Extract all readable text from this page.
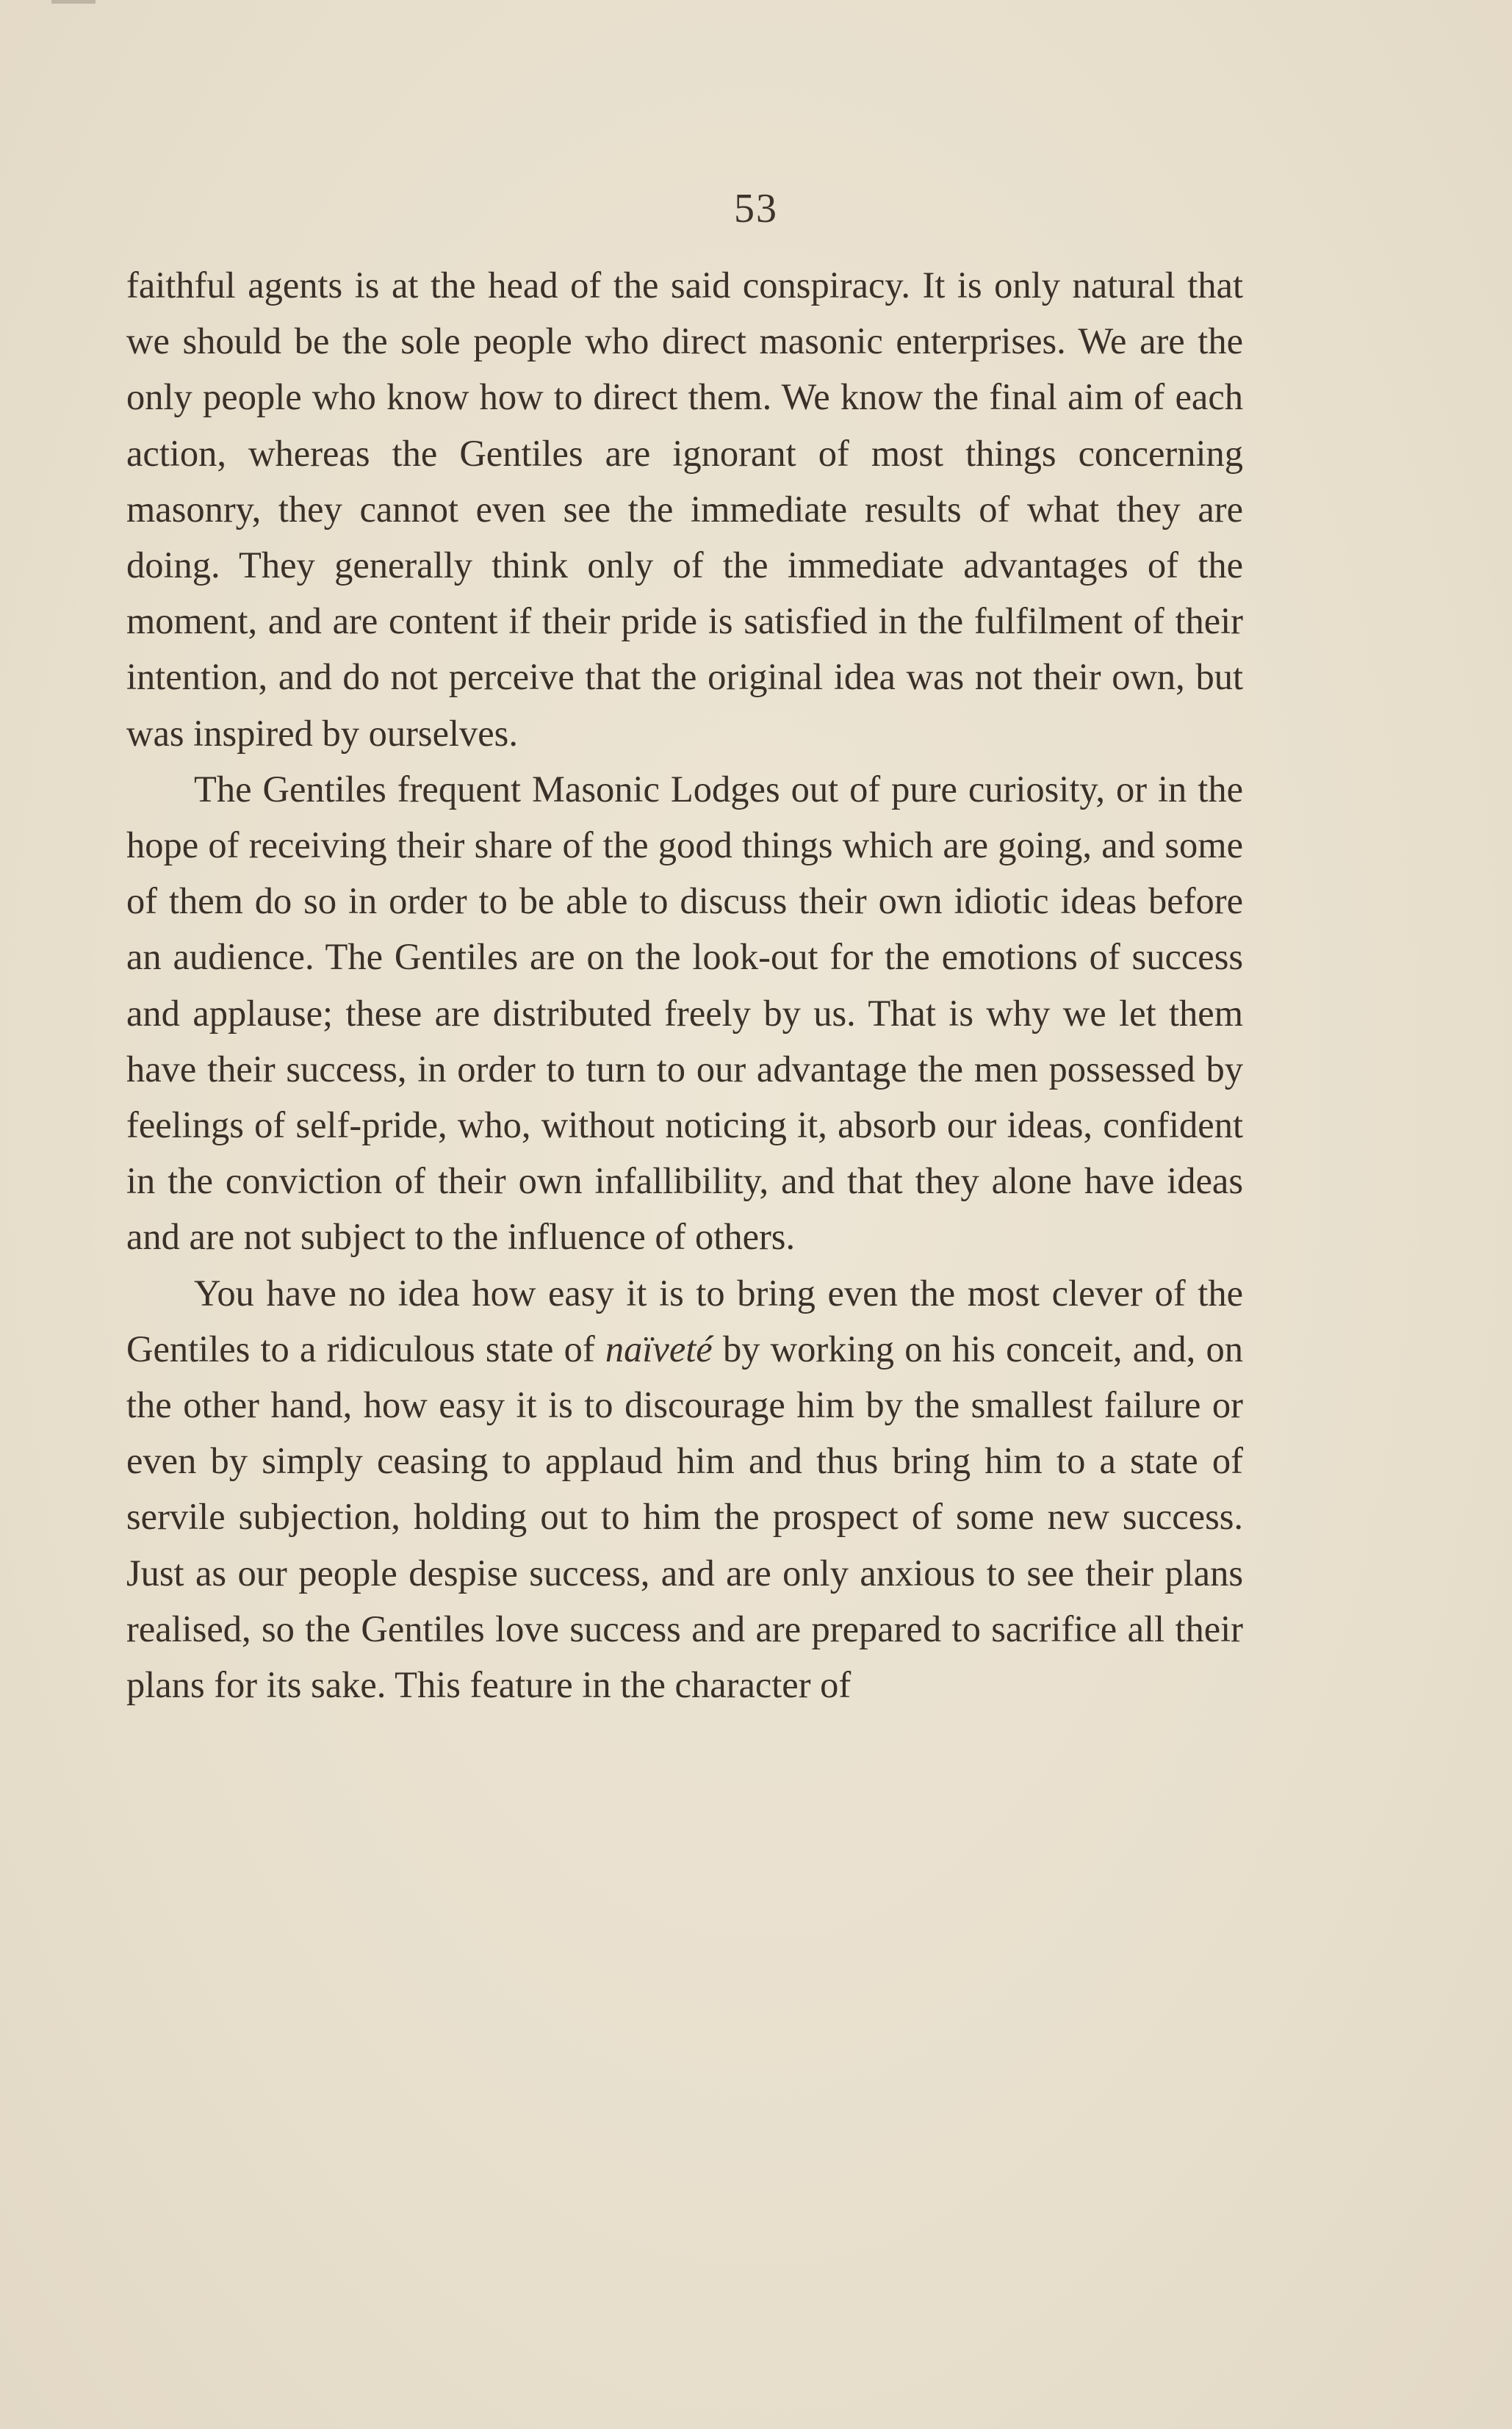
53

faithful agents is at the head of the said conspiracy. It is only natural that we should be the sole people who direct masonic enterprises. We are the only people who know how to direct them. We know the final aim of each action, whereas the Gentiles are ignorant of most things concerning masonry, they cannot even see the immediate results of what they are doing. They generally think only of the immediate advantages of the moment, and are content if their pride is satisfied in the fulfilment of their intention, and do not perceive that the original idea was not their own, but was inspired by ourselves.

The Gentiles frequent Masonic Lodges out of pure curiosity, or in the hope of receiving their share of the good things which are going, and some of them do so in order to be able to discuss their own idiotic ideas before an audience. The Gentiles are on the look-out for the emotions of success and applause; these are distributed freely by us. That is why we let them have their success, in order to turn to our advantage the men possessed by feelings of self-pride, who, without noticing it, absorb our ideas, confident in the conviction of their own infallibility, and that they alone have ideas and are not subject to the influence of others.

You have no idea how easy it is to bring even the most clever of the Gentiles to a ridiculous state of naïveté by working on his conceit, and, on the other hand, how easy it is to discourage him by the smallest failure or even by simply ceasing to applaud him and thus bring him to a state of servile subjection, holding out to him the prospect of some new success. Just as our people despise success, and are only anxious to see their plans realised, so the Gentiles love success and are prepared to sacrifice all their plans for its sake. This feature in the character of
